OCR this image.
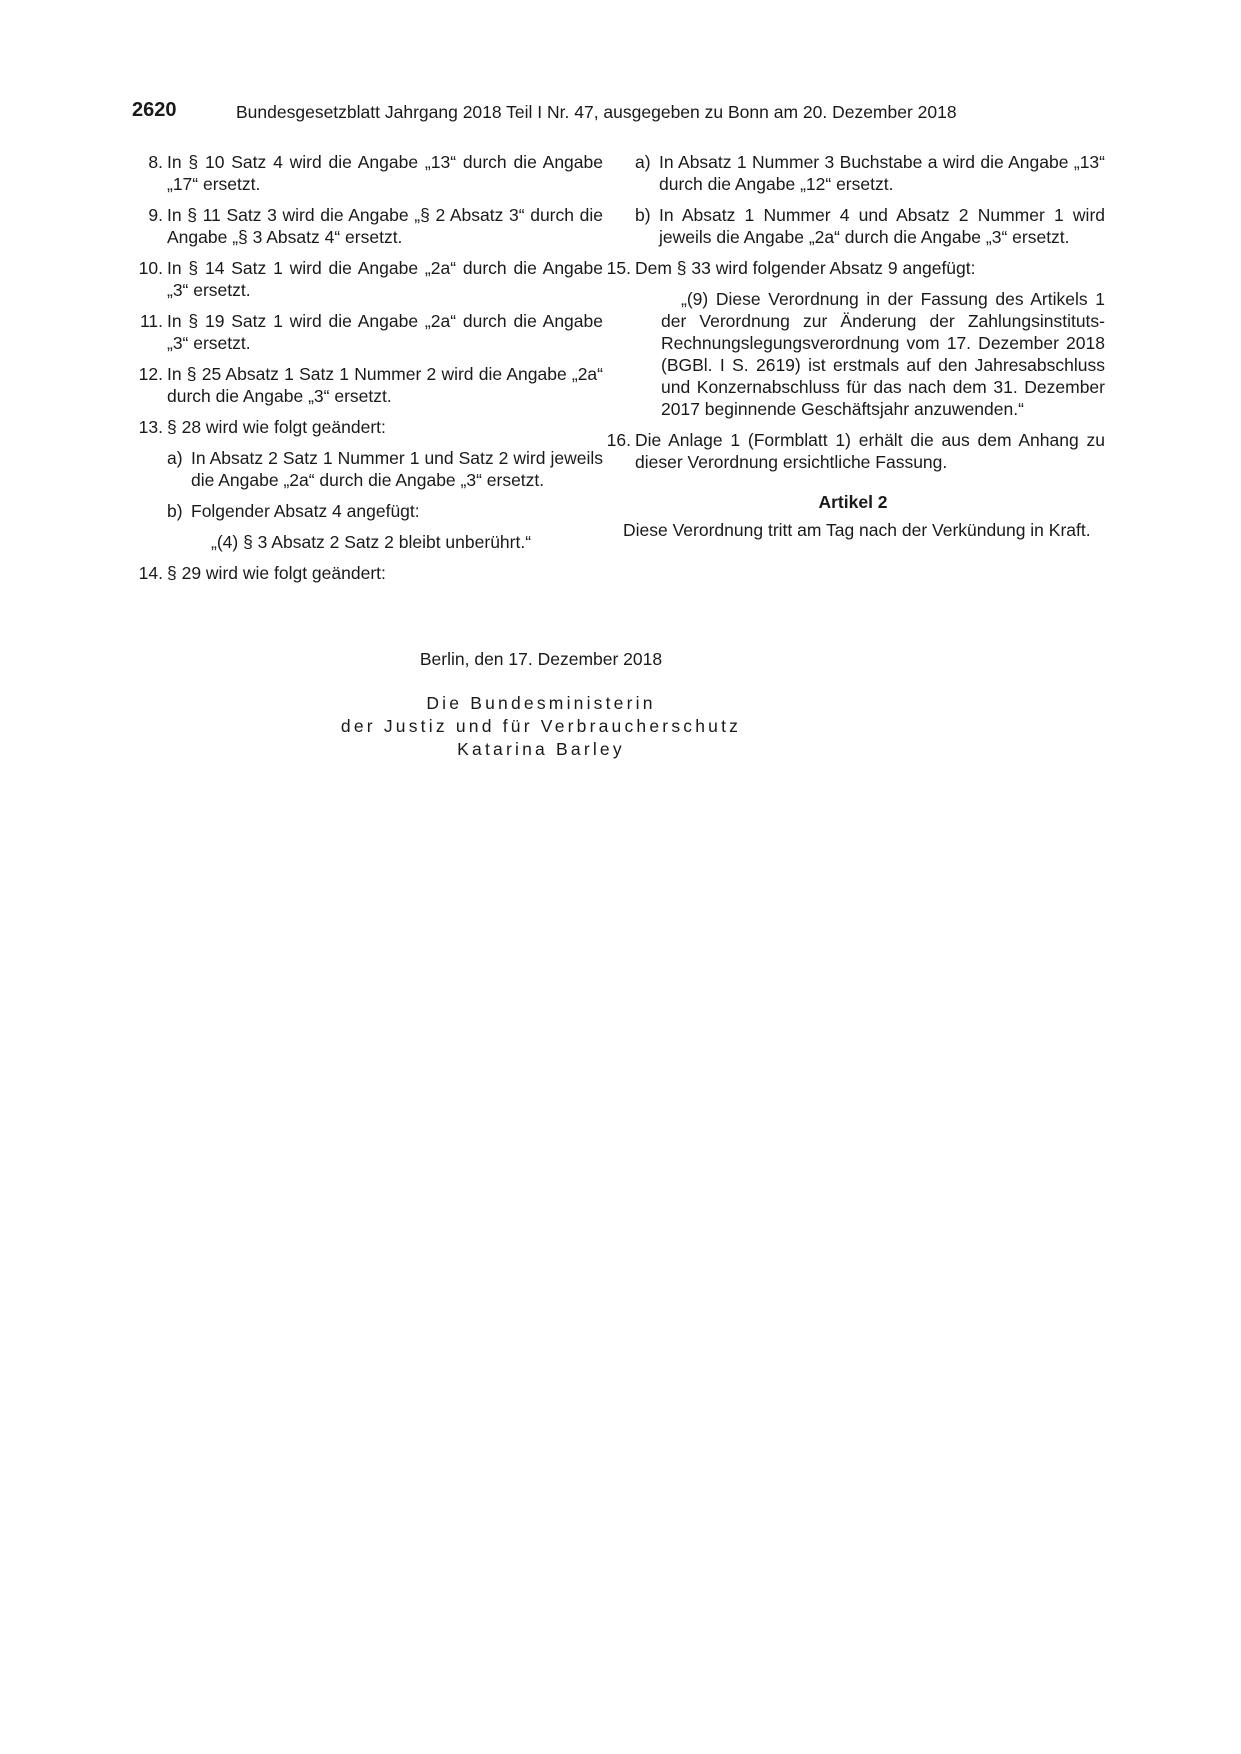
2620	Bundesgesetzblatt Jahrgang 2018 Teil I Nr. 47, ausgegeben zu Bonn am 20. Dezember 2018
8. In § 10 Satz 4 wird die Angabe „13“ durch die Angabe „17“ ersetzt.
9. In § 11 Satz 3 wird die Angabe „§ 2 Absatz 3“ durch die Angabe „§ 3 Absatz 4“ ersetzt.
10. In § 14 Satz 1 wird die Angabe „2a“ durch die Angabe „3“ ersetzt.
11. In § 19 Satz 1 wird die Angabe „2a“ durch die Angabe „3“ ersetzt.
12. In § 25 Absatz 1 Satz 1 Nummer 2 wird die Angabe „2a“ durch die Angabe „3“ ersetzt.
13. § 28 wird wie folgt geändert:
a) In Absatz 2 Satz 1 Nummer 1 und Satz 2 wird jeweils die Angabe „2a“ durch die Angabe „3“ ersetzt.
b) Folgender Absatz 4 angefügt:
„(4) § 3 Absatz 2 Satz 2 bleibt unberührt.“
14. § 29 wird wie folgt geändert:
a) In Absatz 1 Nummer 3 Buchstabe a wird die Angabe „13“ durch die Angabe „12“ ersetzt.
b) In Absatz 1 Nummer 4 und Absatz 2 Nummer 1 wird jeweils die Angabe „2a“ durch die Angabe „3“ ersetzt.
15. Dem § 33 wird folgender Absatz 9 angefügt:
„(9) Diese Verordnung in der Fassung des Artikels 1 der Verordnung zur Änderung der Zahlungsinstituts-Rechnungslegungsverordnung vom 17. Dezember 2018 (BGBl. I S. 2619) ist erstmals auf den Jahresabschluss und Konzernabschluss für das nach dem 31. Dezember 2017 beginnende Geschäftsjahr anzuwenden.“
16. Die Anlage 1 (Formblatt 1) erhält die aus dem Anhang zu dieser Verordnung ersichtliche Fassung.
Artikel 2
Diese Verordnung tritt am Tag nach der Verkündung in Kraft.
Berlin, den 17. Dezember 2018
Die Bundesministerin
der Justiz und für Verbraucherschutz
Katarina Barley
